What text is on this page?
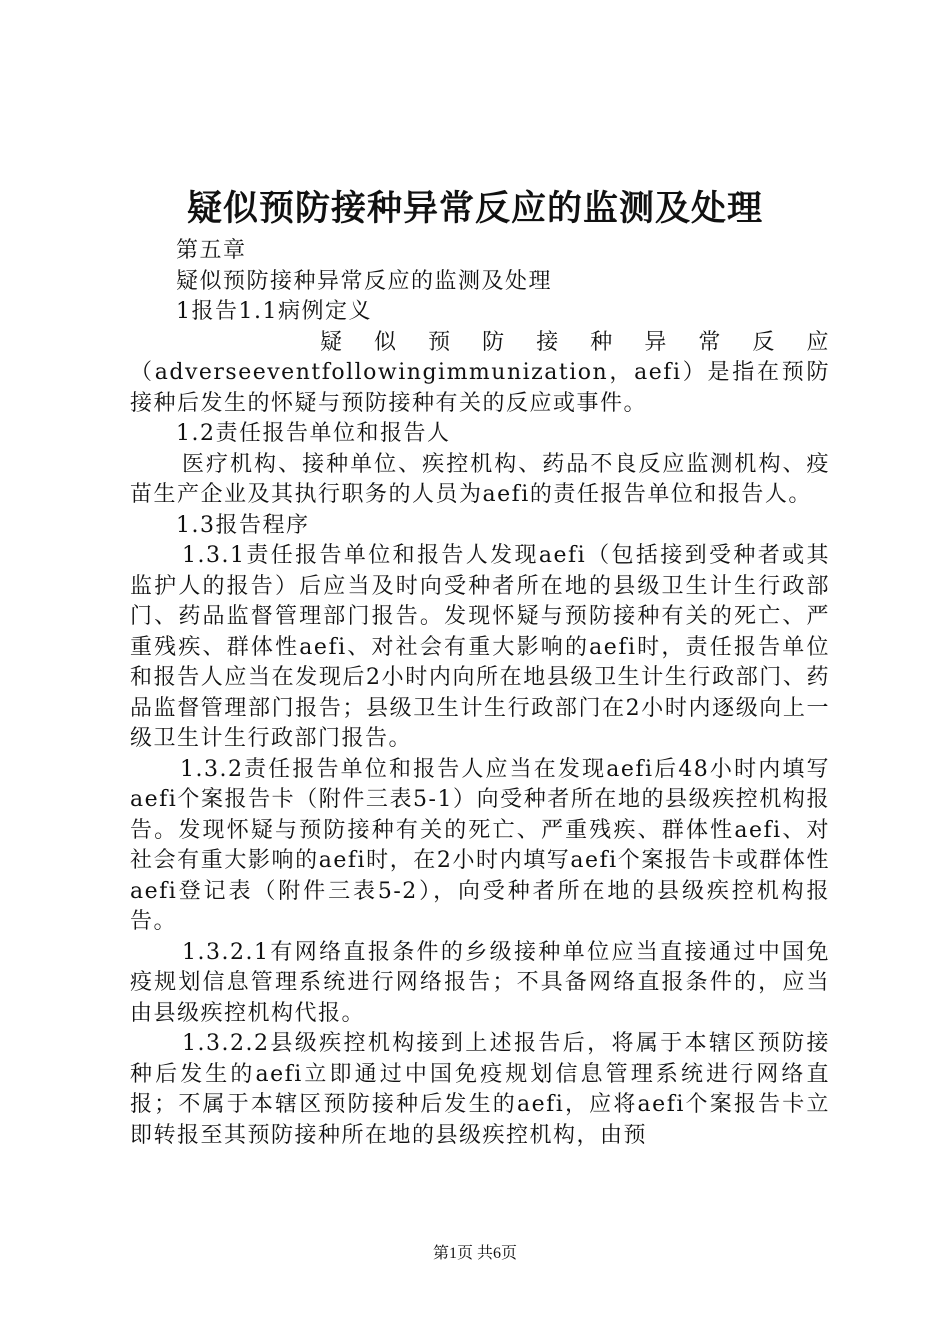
疑似预防接种异常反应的监测及处理

第五章

疑似预防接种异常反应的监测及处理

1报告1.1病例定义

疑似预防接种异常反应

（adverseeventfollowingimmunization，aefi）是指在预防接种后发生的怀疑与预防接种有关的反应或事件。

1.2责任报告单位和报告人

医疗机构、接种单位、疾控机构、药品不良反应监测机构、疫苗生产企业及其执行职务的人员为aefi的责任报告单位和报告人。

1.3报告程序

1.3.1责任报告单位和报告人发现aefi（包括接到受种者或其监护人的报告）后应当及时向受种者所在地的县级卫生计生行政部门、药品监督管理部门报告。发现怀疑与预防接种有关的死亡、严重残疾、群体性aefi、对社会有重大影响的aefi时，责任报告单位和报告人应当在发现后2小时内向所在地县级卫生计生行政部门、药品监督管理部门报告；县级卫生计生行政部门在2小时内逐级向上一级卫生计生行政部门报告。

1.3.2责任报告单位和报告人应当在发现aefi后48小时内填写aefi个案报告卡（附件三表5-1）向受种者所在地的县级疾控机构报告。发现怀疑与预防接种有关的死亡、严重残疾、群体性aefi、对社会有重大影响的aefi时，在2小时内填写aefi个案报告卡或群体性aefi登记表（附件三表5-2），向受种者所在地的县级疾控机构报告。

1.3.2.1有网络直报条件的乡级接种单位应当直接通过中国免疫规划信息管理系统进行网络报告；不具备网络直报条件的，应当由县级疾控机构代报。

1.3.2.2县级疾控机构接到上述报告后，将属于本辖区预防接种后发生的aefi立即通过中国免疫规划信息管理系统进行网络直报；不属于本辖区预防接种后发生的aefi，应将aefi个案报告卡立即转报至其预防接种所在地的县级疾控机构，由预

第1页 共6页
